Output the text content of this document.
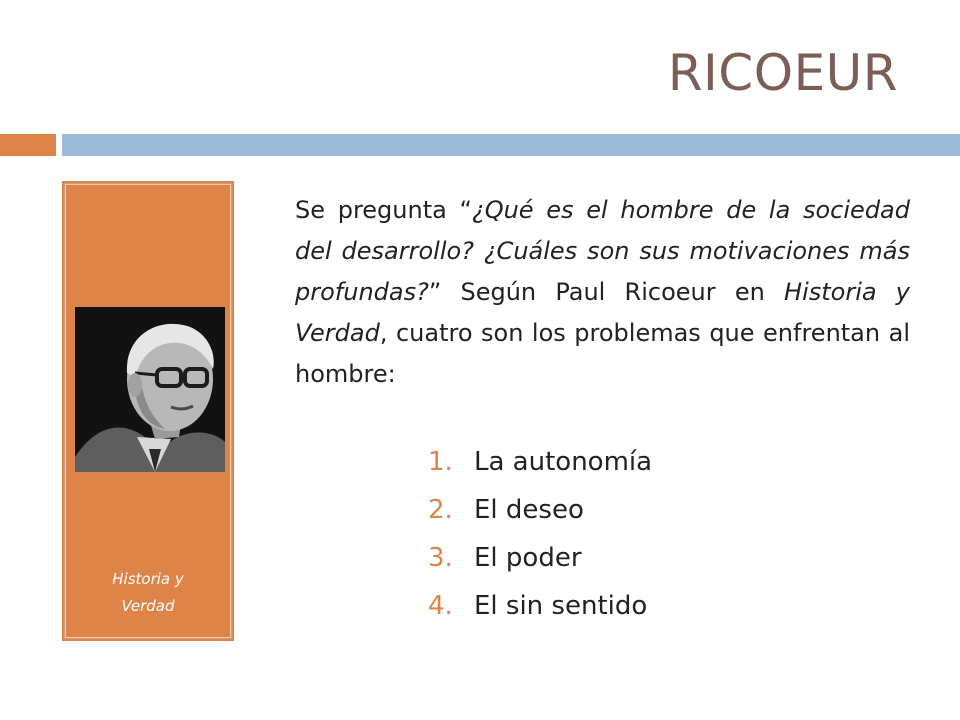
RICOEUR
Historia y
Verdad
Se pregunta “¿Qué es el hombre de la sociedad del desarrollo? ¿Cuáles son sus motivaciones más profundas?” Según Paul Ricoeur en Historia y Verdad, cuatro son los problemas que enfrentan al hombre:
1. La autonomía
2. El deseo
3. El poder
4. El sin sentido
